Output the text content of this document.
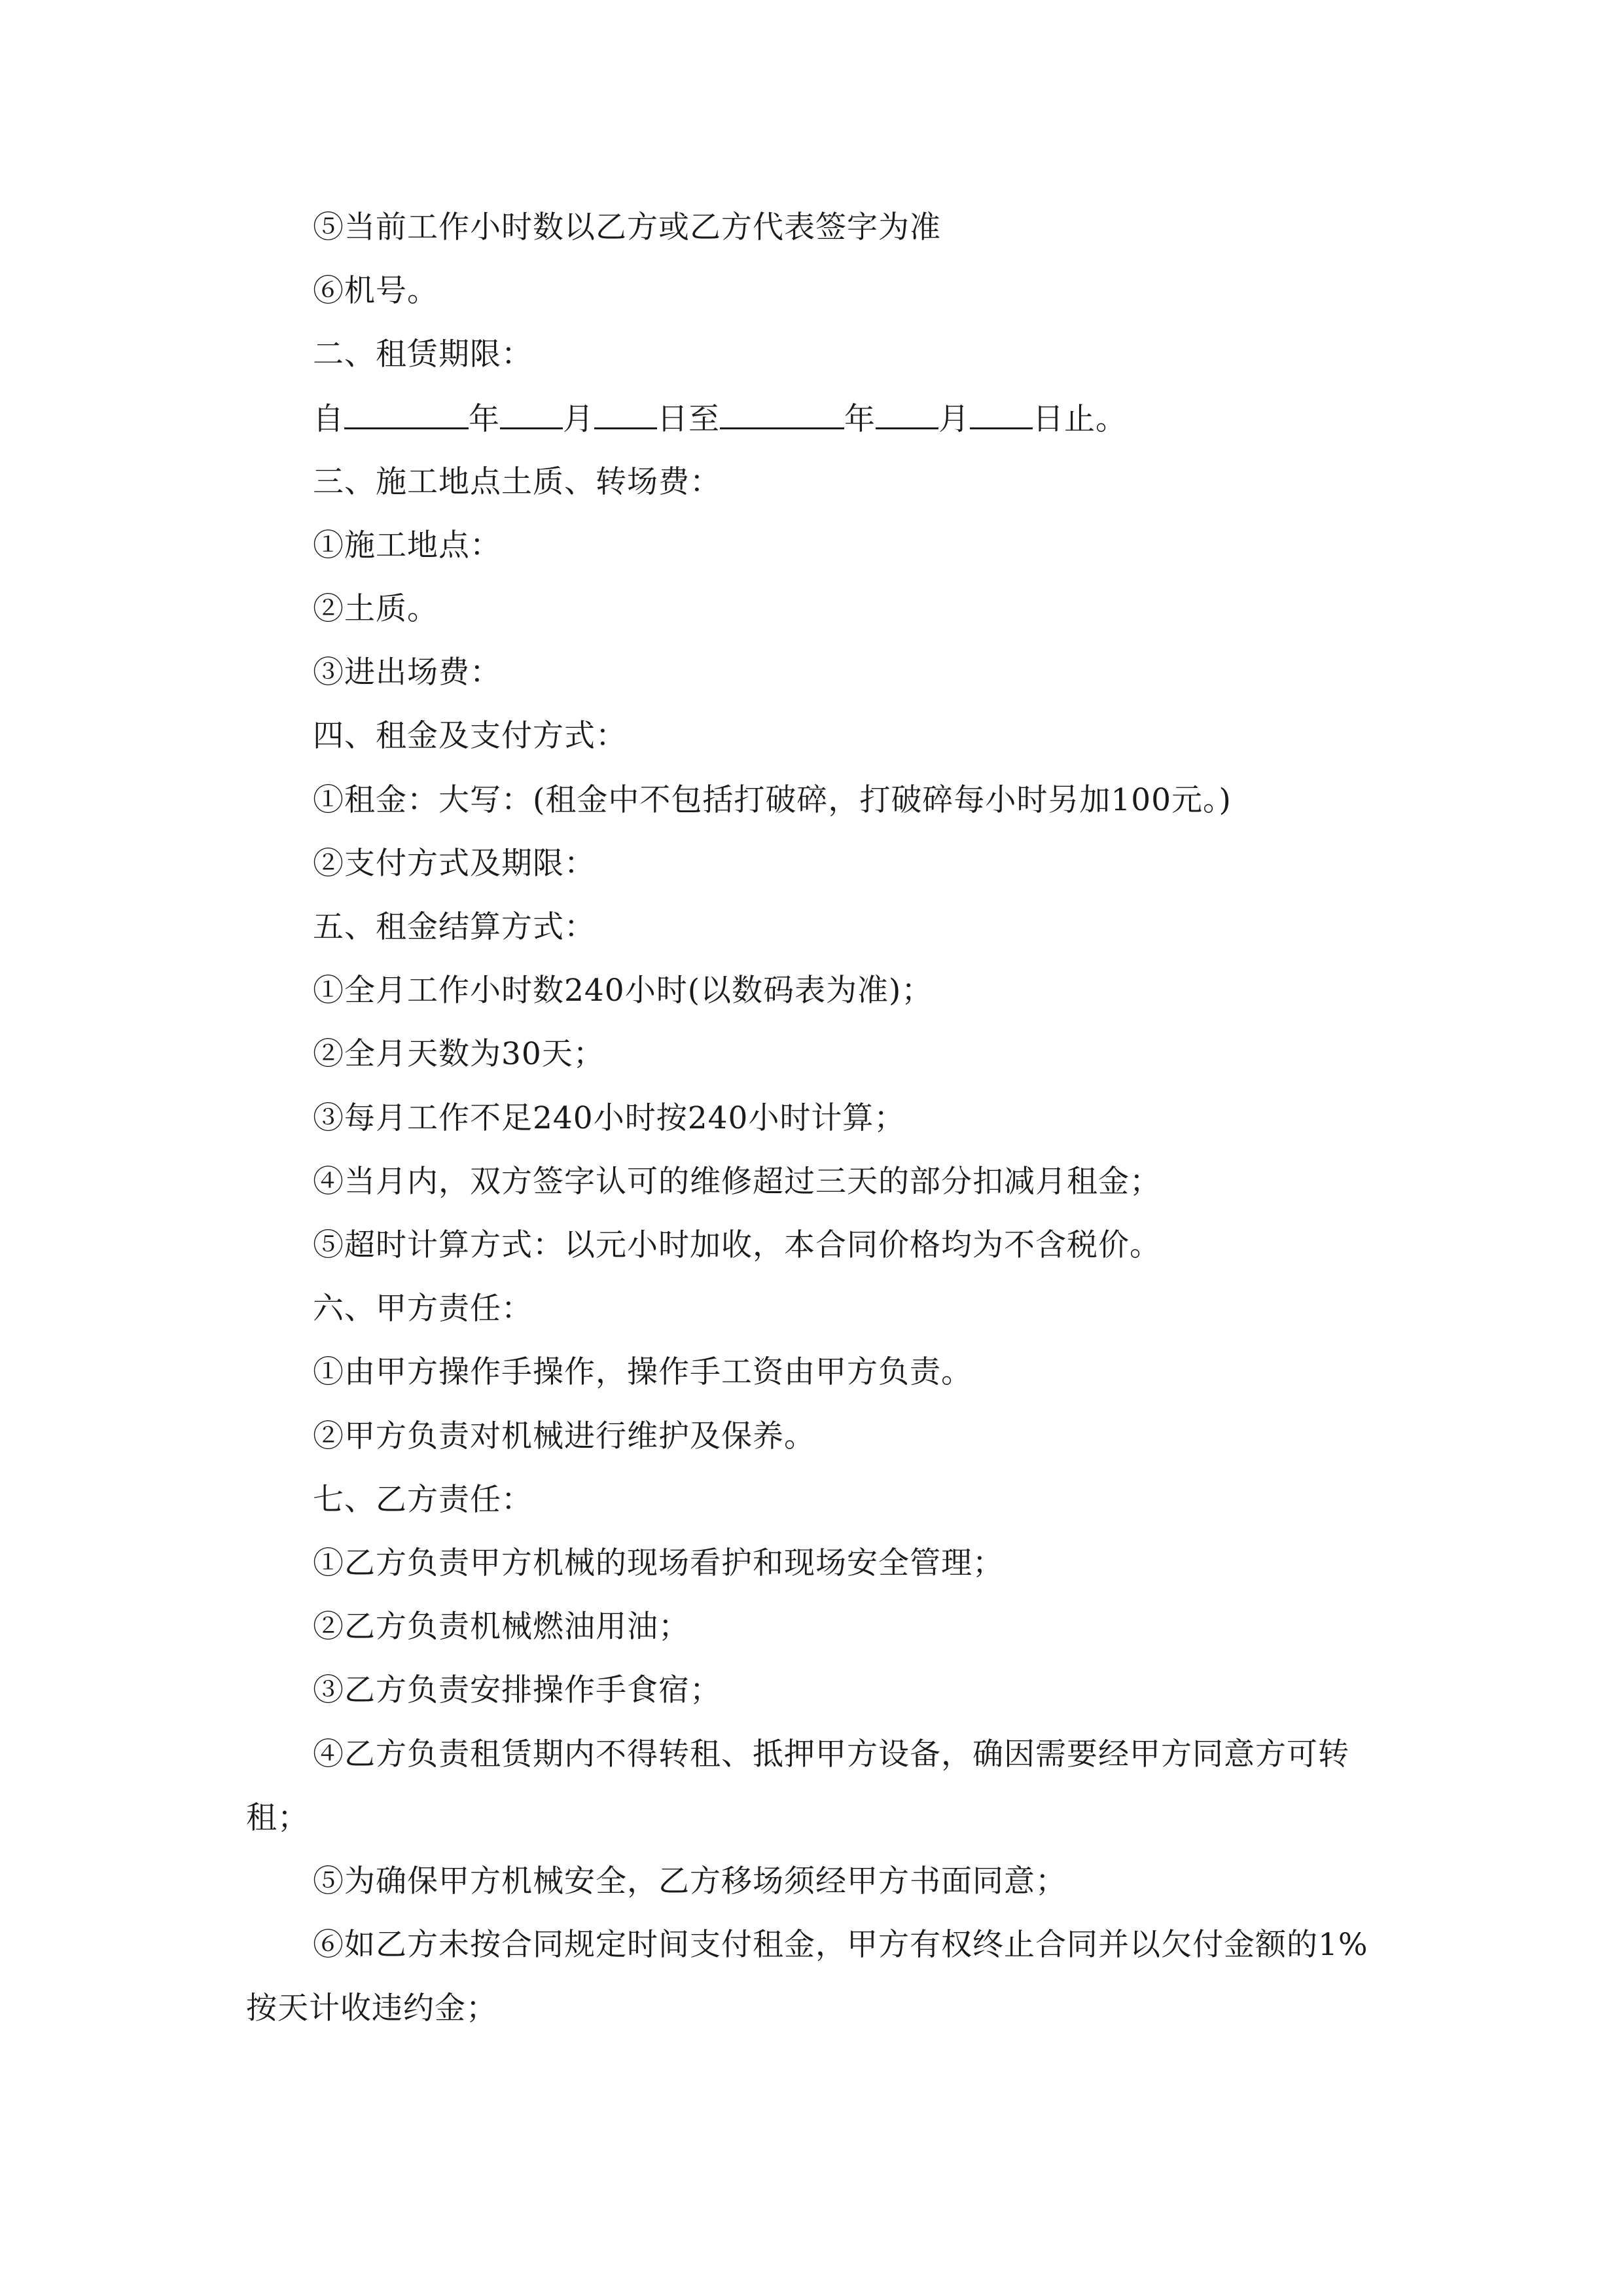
⑤当前工作小时数以乙方或乙方代表签字为准
⑥机号。
二、租赁期限：
自	年 月 日至	年 月 日止。
三、施工地点土质、转场费：
①施工地点：
②土质。
③进出场费：
四、租金及支付方式：
①租金：大写：(租金中不包括打破碎，打破碎每小时另加100元。)
②支付方式及期限：
五、租金结算方式：
①全月工作小时数240小时(以数码表为准)；
②全月天数为30天；
③每月工作不足240小时按240小时计算；
④当月内，双方签字认可的维修超过三天的部分扣减月租金；
⑤超时计算方式：以元小时加收，本合同价格均为不含税价。
六、甲方责任：
①由甲方操作手操作，操作手工资由甲方负责。
②甲方负责对机械进行维护及保养。
七、乙方责任：
①乙方负责甲方机械的现场看护和现场安全管理；
②乙方负责机械燃油用油；
③乙方负责安排操作手食宿；
④乙方负责租赁期内不得转租、抵押甲方设备，确因需要经甲方同意方可转
租；
⑤为确保甲方机械安全，乙方移场须经甲方书面同意；
⑥如乙方未按合同规定时间支付租金，甲方有权终止合同并以欠付金额的1%
按天计收违约金；
